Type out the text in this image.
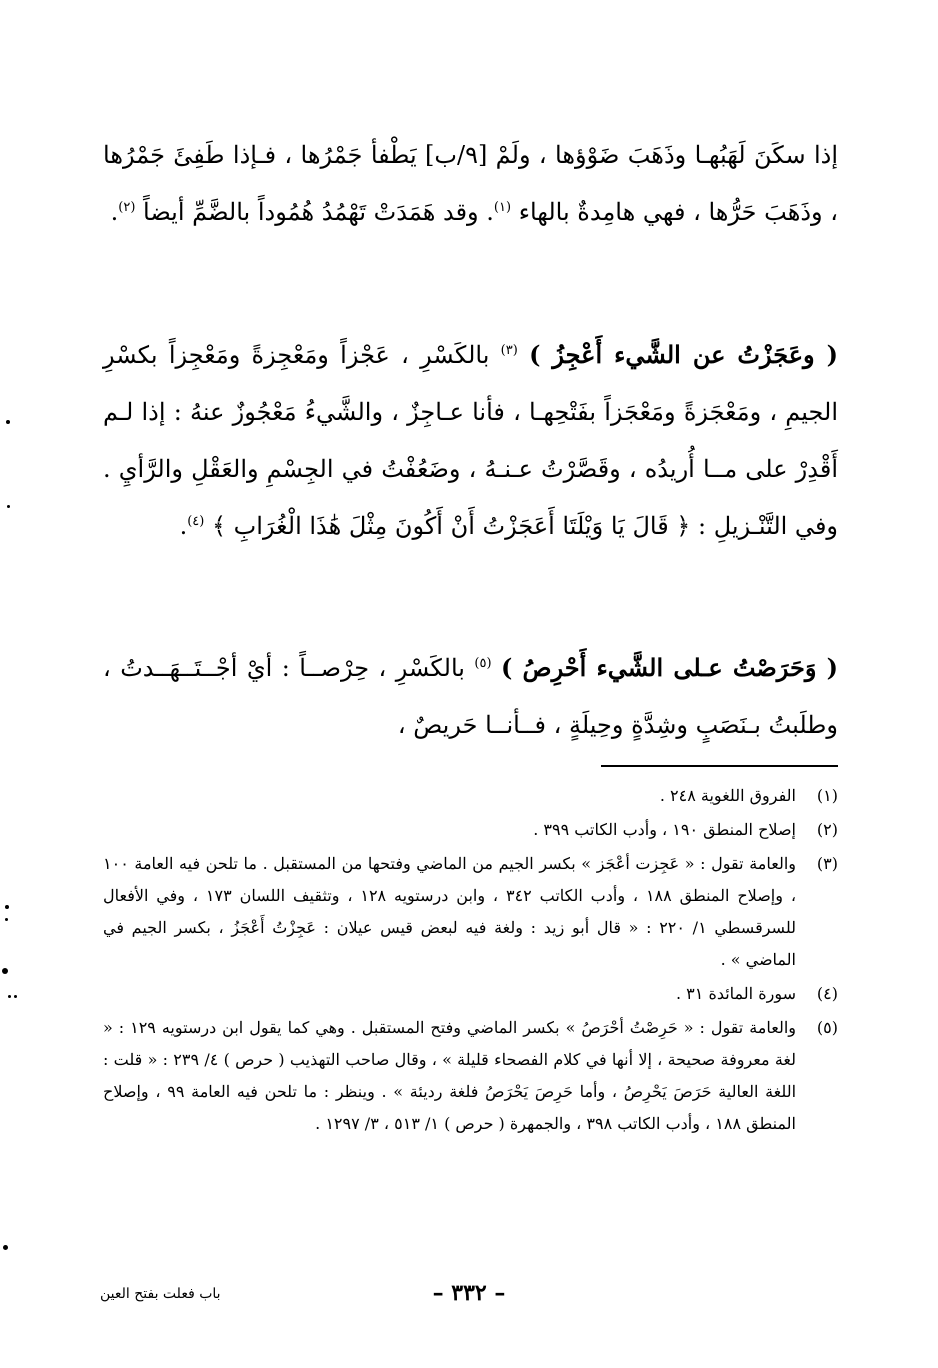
إذا سكَنَ لَهَبُهـا وذَهَبَ ضَوْؤها ، ولَمْ [٩/ب] يَطْفأ جَمْرُها ، فـإذا طَفِئَ جَمْرُها ، وذَهَبَ حَرُّها ، فهي هامِدةٌ بالهاء $^{(١)}$. وقد هَمَدَتْ تَهْمُدُ هُمُوداً بالضَّمِّ أيضاً $^{(٢)}$.

( وعَجَزْتُ عن الشَّيء أَعْجِزُ ) $^{(٣)}$ بالكَسْرِ ، عَجْزاً ومَعْجِزةً ومَعْجِزاً بكسْرِ الجيمِ ، ومَعْجَزةً ومَعْجَزاً بفَتْحِهـا ، فأنا عـاجِزٌ ، والشَّيءُ مَعْجُوزٌ عنهُ : إذا لـم أَقْدِرْ على مــا أُريدُه ، وقَصَّرْتُ عـنـهُ ، وضَعُفْتُ في الجِسْمِ والعَقْلِ والرَّأيِ . وفي التَّنْـزيلِ : ﴿ قَالَ يَا وَيْلَتَا أَعَجَزْتُ أَنْ أَكُونَ مِثْلَ هَٰذَا الْغُرَابِ ﴾ $^{(٤)}$.

( وَحَرَصْتُ عـلى الشَّيء أَحْرِصُ ) $^{(٥)}$ بالكَسْرِ ، حِرْصــاً : أيْ أجْــتَــهَــدتُ ، وطلَبتُ بـنَصَبٍ وشِدَّةٍ وحِيلَةٍ ، فــأنــا حَريصٌ ،

(١)
الفروق اللغوية ٢٤٨ .
(٢)
إصلاح المنطق ١٩٠ ، وأدب الكاتب ٣٩٩ .
(٣)
والعامة تقول : « عَجِزت أعْجَز » بكسر الجيم من الماضي وفتحها من المستقبل . ما تلحن فيه العامة ١٠٠ ، وإصلاح المنطق ١٨٨ ، وأدب الكاتب ٣٤٢ ، وابن درستويه ١٢٨ ، وتثقيف اللسان ١٧٣ ، وفي الأفعال للسرقسطي ١/ ٢٢٠ : « قال أبو زيد : ولغة فيه لبعض قيس عيلان : عَجِزْتُ أَعْجَزُ ، بكسر الجيم في الماضي » .
(٤)
سورة المائدة ٣١ .
(٥)
والعامة تقول : « حَرِصْتُ أحْرَصُ » بكسر الماضي وفتح المستقبل . وهي كما يقول ابن درستويه ١٢٩ : « لغة معروفة صحيحة ، إلا أنها في كلام الفصحاء قليلة » ، وقال صاحب التهذيب ( حرص ) ٤/ ٢٣٩ : « قلت : اللغة العالية حَرَصَ يَحْرِصُ ، وأما حَرِصَ يَحْرَصُ فلغة رديئة » . وينظر : ما تلحن فيه العامة ٩٩ ، وإصلاح المنطق ١٨٨ ، وأدب الكاتب ٣٩٨ ، والجمهرة ( حرص ) ١/ ٥١٣ ، ٣/ ١٢٩٧ .
– ٣٣٢ –
باب فعلت بفتح العين
